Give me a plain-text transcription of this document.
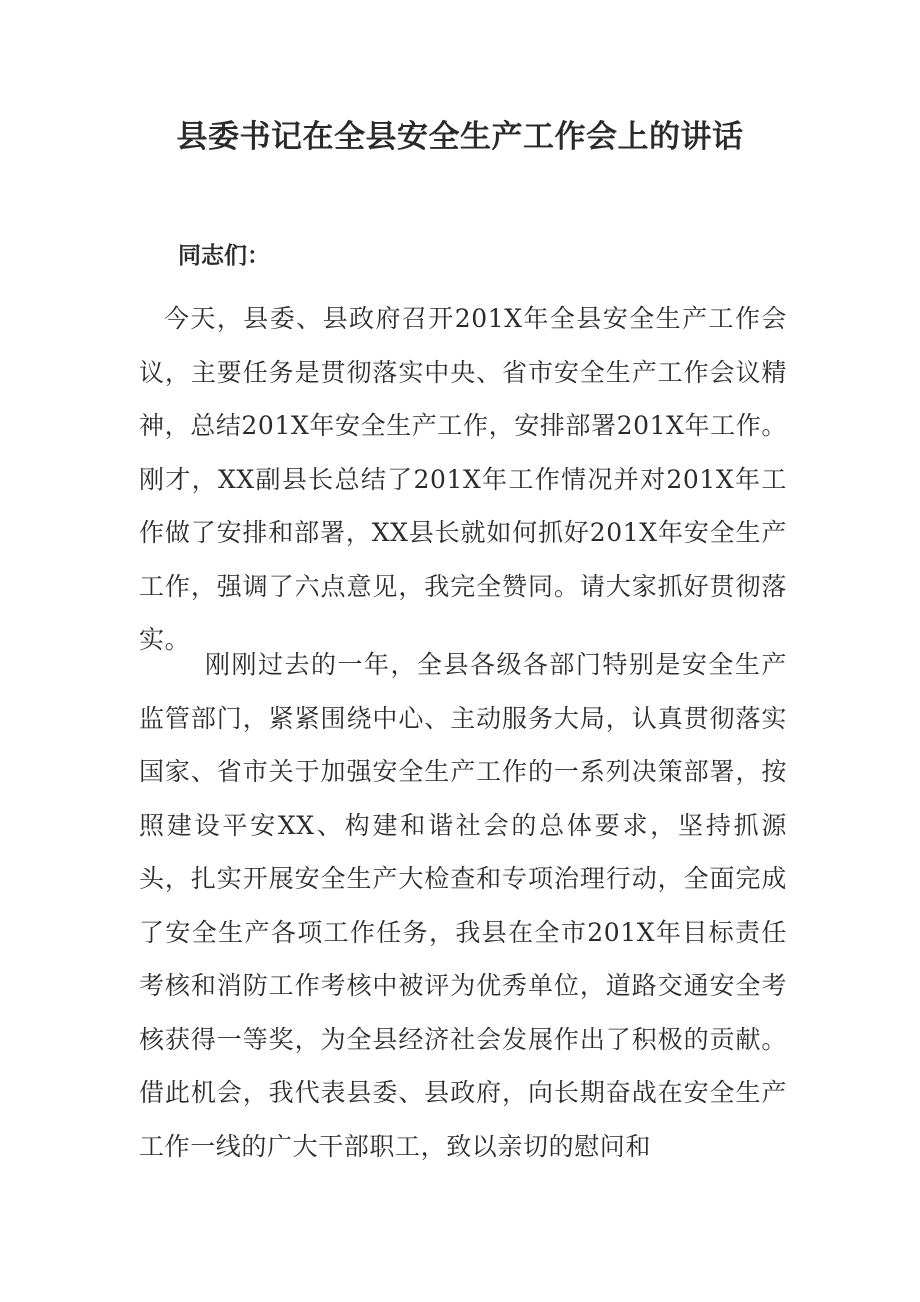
县委书记在全县安全生产工作会上的讲话

同志们：

今天，县委、县政府召开201X年全县安全生产工作会议，主要任务是贯彻落实中央、省市安全生产工作会议精神，总结201X年安全生产工作，安排部署201X年工作。刚才，XX副县长总结了201X年工作情况并对201X年工作做了安排和部署，XX县长就如何抓好201X年安全生产工作，强调了六点意见，我完全赞同。请大家抓好贯彻落实。

刚刚过去的一年，全县各级各部门特别是安全生产监管部门，紧紧围绕中心、主动服务大局，认真贯彻落实国家、省市关于加强安全生产工作的一系列决策部署，按照建设平安XX、构建和谐社会的总体要求，坚持抓源头，扎实开展安全生产大检查和专项治理行动，全面完成了安全生产各项工作任务，我县在全市201X年目标责任考核和消防工作考核中被评为优秀单位，道路交通安全考核获得一等奖，为全县经济社会发展作出了积极的贡献。借此机会，我代表县委、县政府，向长期奋战在安全生产工作一线的广大干部职工，致以亲切的慰问和
